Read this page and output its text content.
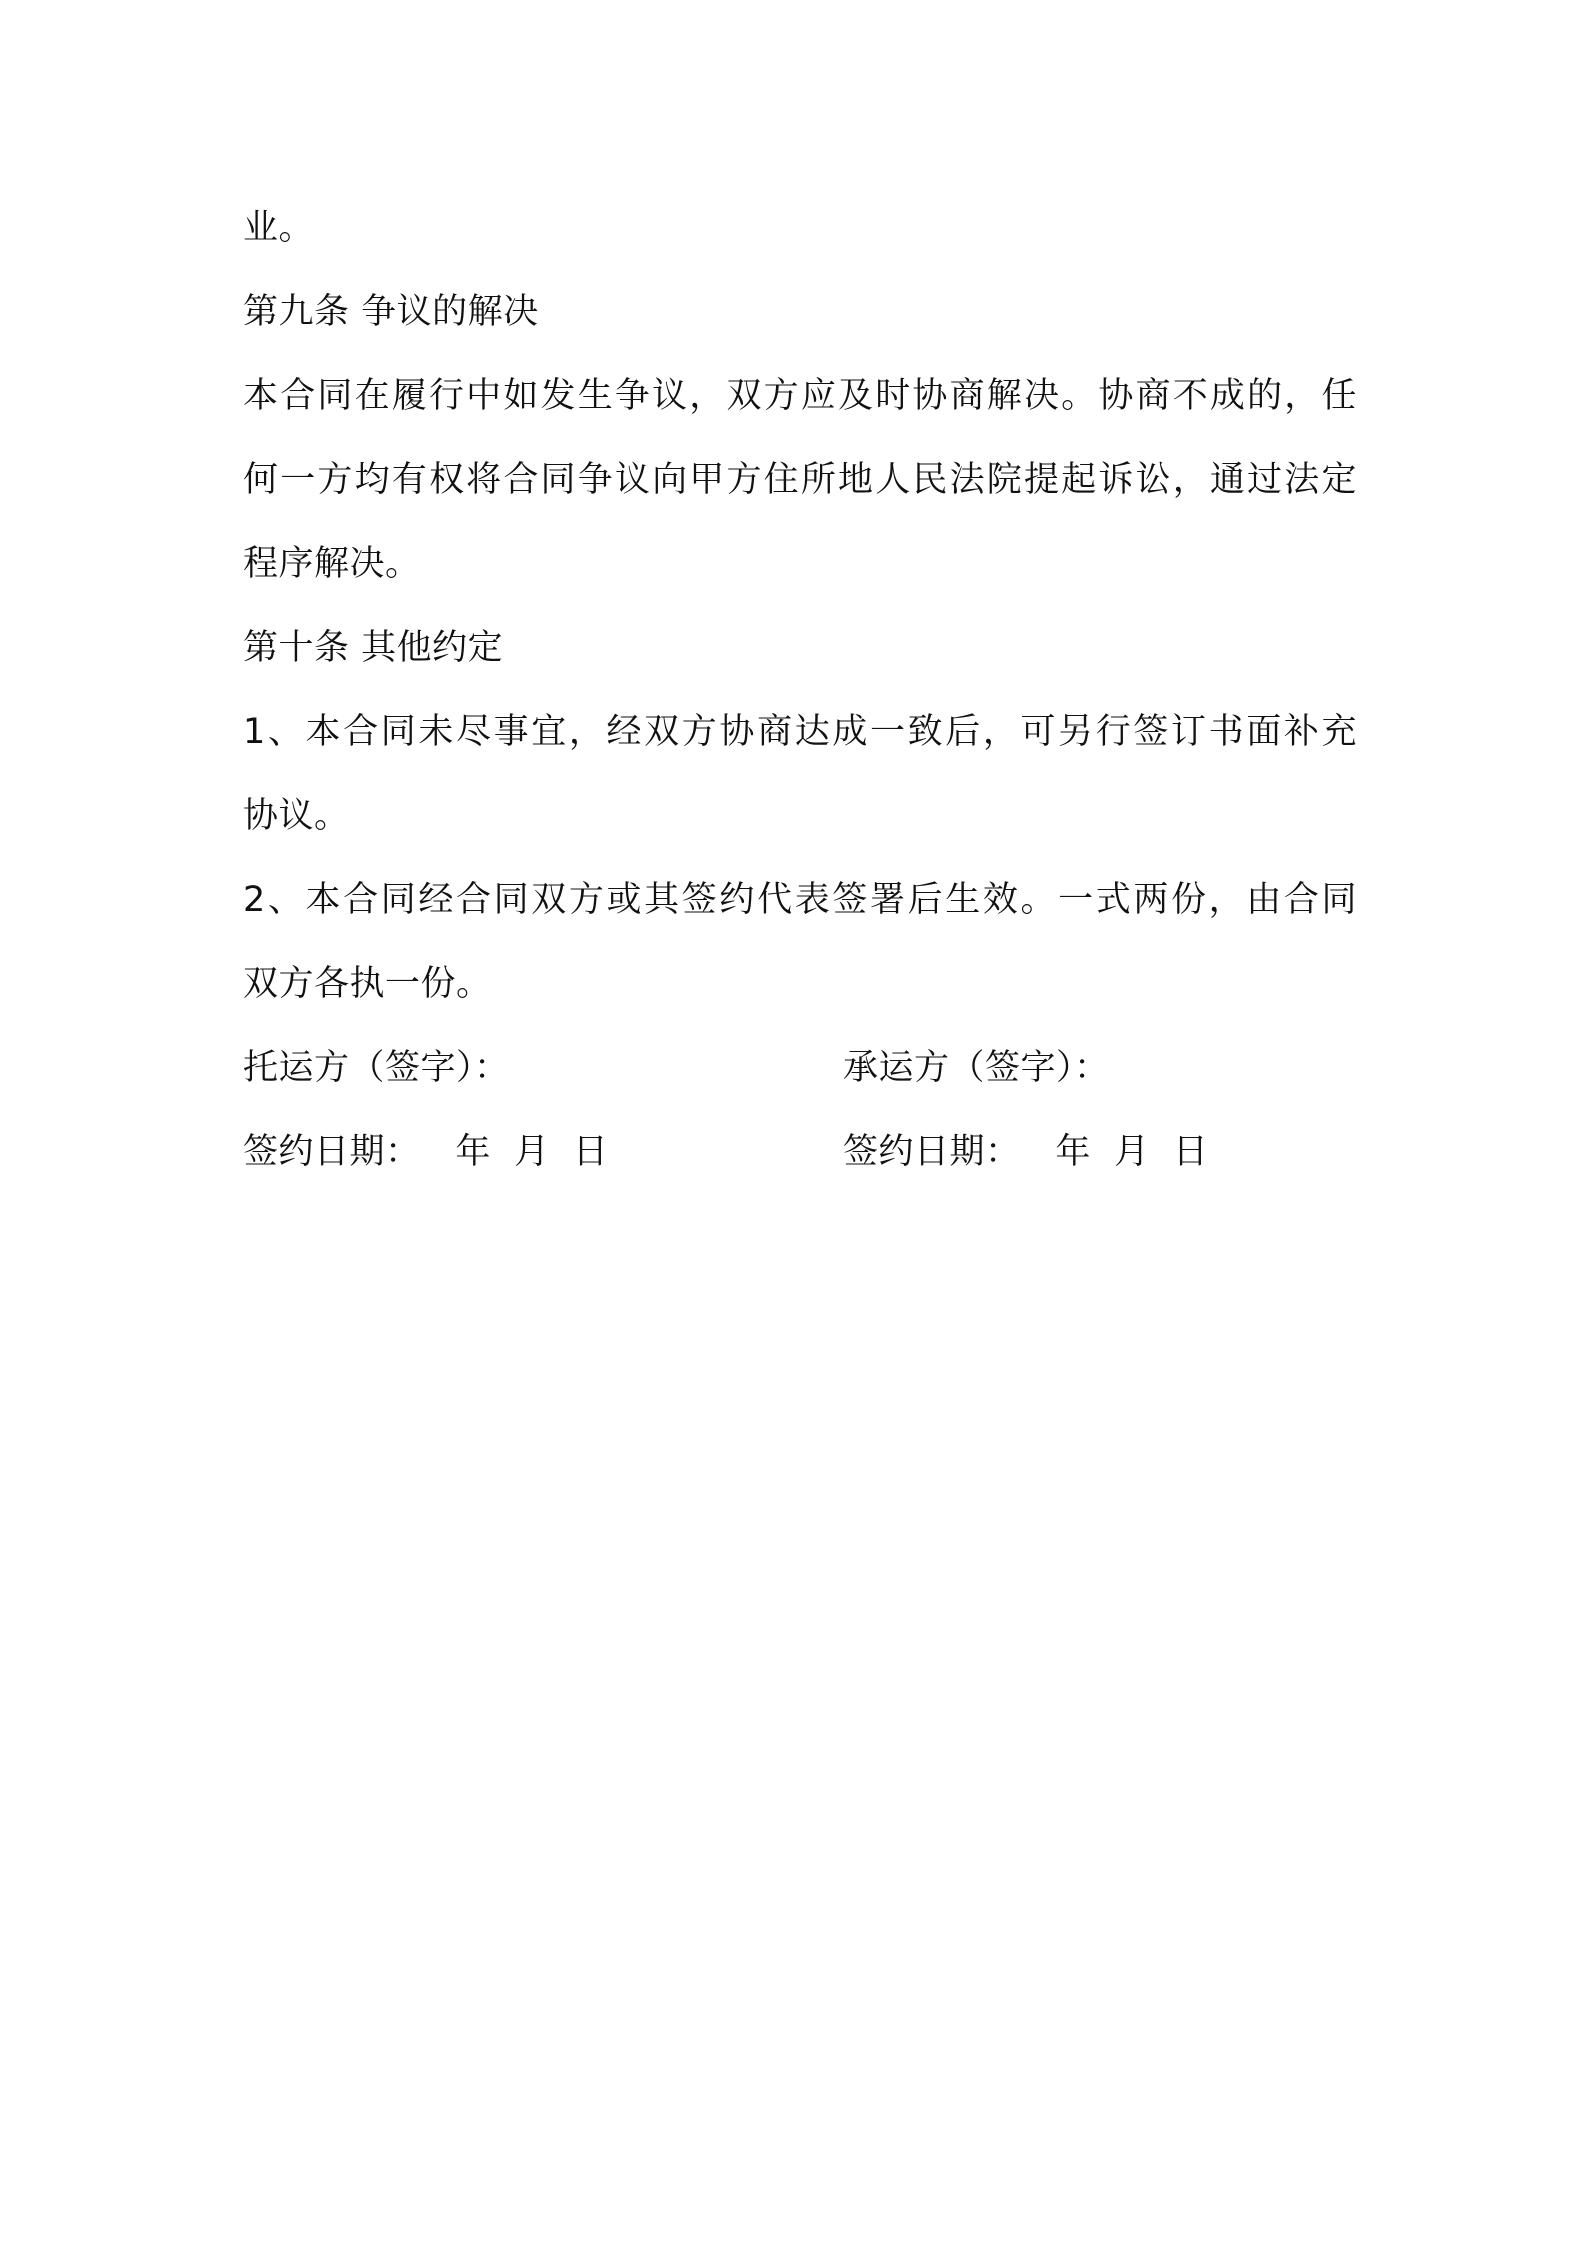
业。
第九条 争议的解决
本合同在履行中如发生争议，双方应及时协商解决。协商不成的，任
何一方均有权将合同争议向甲方住所地人民法院提起诉讼，通过法定
程序解决。
第十条 其他约定
1、本合同未尽事宜，经双方协商达成一致后，可另行签订书面补充
协议。
2、本合同经合同双方或其签约代表签署后生效。一式两份，由合同
双方各执一份。
托运方（签字）：	承运方（签字）：
签约日期：   年  月  日	签约日期：   年  月  日
